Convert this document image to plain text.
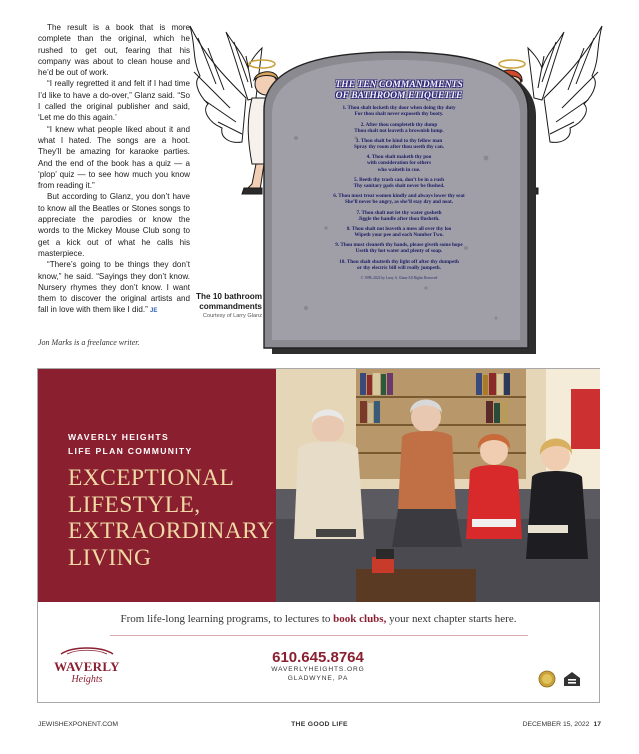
The result is a book that is more complete than the original, which he rushed to get out, fearing that his company was about to clean house and he’d be out of work.

“I really regretted it and felt if I had time I’d like to have a do-over,” Glanz said. “So I called the original publisher and said, ‘Let me do this again.’

“I knew what people liked about it and what I hated. The songs are a hoot. They’ll be amazing for karaoke parties. And the end of the book has a quiz — a ‘plop’ quiz — to see how much you know from reading it.”

But according to Glanz, you don’t have to know all the Beatles or Stones songs to appreciate the parodies or know the words to the Mickey Mouse Club song to get a kick out of what he calls his masterpiece.

“There’s going to be things they don’t know,” he said. “Sayings they don’t know. Nursery rhymes they don’t know. I want them to discover the original artists and fall in love with them like I did.” JE

Jon Marks is a freelance writer.

THE TEN COMMANDMENTS
OF BATHROOM ETIQUETTE
1. Thou shalt locketh thy door when doing thy duty
For thou shalt never exposeth thy booty.
2. After thou completeth thy dump
Thou shalt not leaveth a brownish lump.
3. Thou shalt be kind to thy fellow man
Spray thy room after thou useth thy can.
4. Thou shalt maketh thy poo
with consideration for others
who waiteth in cue.
5. Beeth thy trash can, don’t be in a rush
Thy sanitary pads shalt never be flushed.
6. Thou must treat women kindly and always lower thy seat
She’ll never be angry, as she’ll stay dry and neat.
7. Thou shalt not let thy water gusheth
Jiggle the handle after thou flusheth.
8. Thou shalt not leaveth a mess all over thy loo
Wipeth your pee and each Number Two.
9. Thou must cleaneth thy hands, please giveth some hope
Useth thy hot water and plenty of soap.
10. Thou shalt shutteth thy light off after thy dumpeth
or thy electric bill will really jumpeth.
© 1998–2022 by Larry A. Glanz All Rights Reserved
The 10 bathroom commandments
Courtesy of Larry Glanz
WAVERLY HEIGHTS
LIFE PLAN COMMUNITY
EXCEPTIONAL
LIFESTYLE,
EXTRAORDINARY
LIVING
From life-long learning programs, to lectures to book clubs, your next chapter starts here.
WAVERLY
Heights
610.645.8764
WAVERLYHEIGHTS.ORG
GLADWYNE, PA
JEWISHEXPONENT.COM	THE GOOD LIFE	DECEMBER 15, 2022 17
